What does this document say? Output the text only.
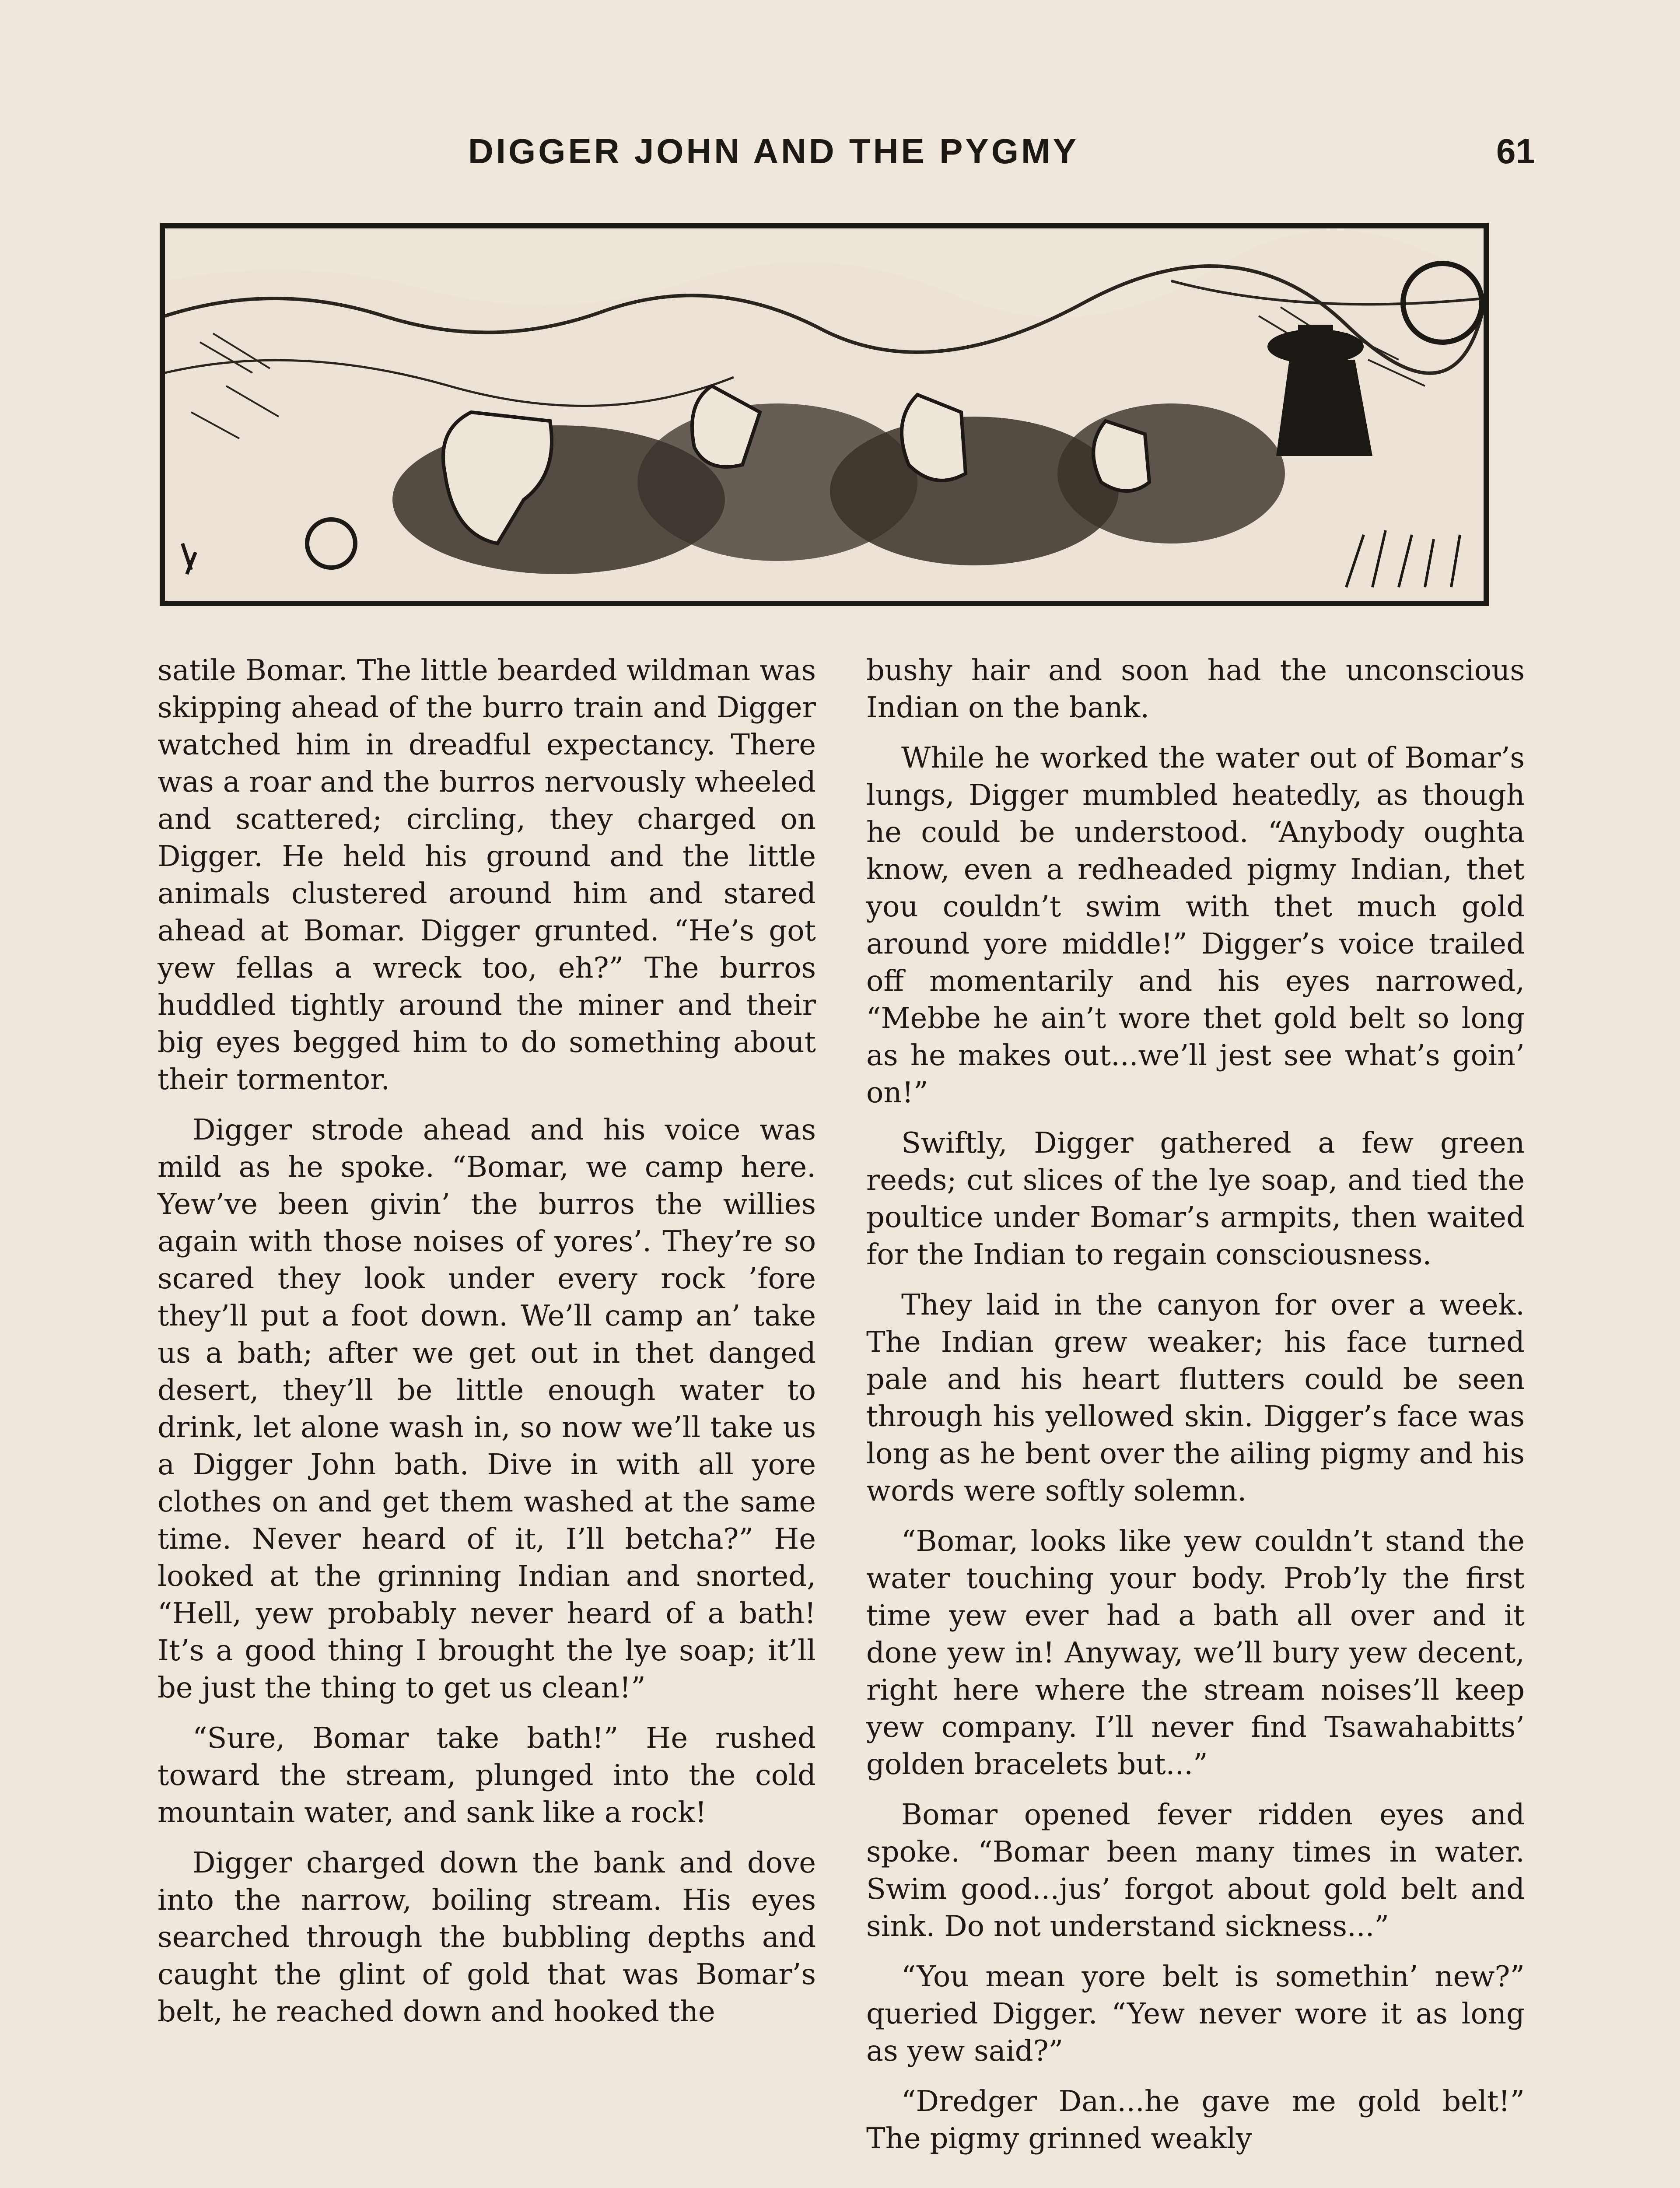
DIGGER JOHN AND THE PYGMY	61

satile Bomar. The little bearded wildman was skipping ahead of the burro train and Digger watched him in dreadful expectancy. There was a roar and the burros nervously wheeled and scattered; circling, they charged on Digger. He held his ground and the little animals clustered around him and stared ahead at Bomar. Digger grunted. “He’s got yew fellas a wreck too, eh?” The burros huddled tightly around the miner and their big eyes begged him to do something about their tormentor.

Digger strode ahead and his voice was mild as he spoke. “Bomar, we camp here. Yew’ve been givin’ the burros the willies again with those noises of yores’. They’re so scared they look under every rock ’fore they’ll put a foot down. We’ll camp an’ take us a bath; after we get out in thet danged desert, they’ll be little enough water to drink, let alone wash in, so now we’ll take us a Digger John bath. Dive in with all yore clothes on and get them washed at the same time. Never heard of it, I’ll betcha?” He looked at the grinning Indian and snorted, “Hell, yew probably never heard of a bath! It’s a good thing I brought the lye soap; it’ll be just the thing to get us clean!”

“Sure, Bomar take bath!” He rushed toward the stream, plunged into the cold mountain water, and sank like a rock!

Digger charged down the bank and dove into the narrow, boiling stream. His eyes searched through the bubbling depths and caught the glint of gold that was Bomar’s belt, he reached down and hooked the

bushy hair and soon had the unconscious Indian on the bank.

While he worked the water out of Bomar’s lungs, Digger mumbled heatedly, as though he could be understood. “Anybody oughta know, even a redheaded pigmy Indian, thet you couldn’t swim with thet much gold around yore middle!” Digger’s voice trailed off momentarily and his eyes narrowed, “Mebbe he ain’t wore thet gold belt so long as he makes out...we’ll jest see what’s goin’ on!”

Swiftly, Digger gathered a few green reeds; cut slices of the lye soap, and tied the poultice under Bomar’s armpits, then waited for the Indian to regain consciousness.

They laid in the canyon for over a week. The Indian grew weaker; his face turned pale and his heart flutters could be seen through his yellowed skin. Digger’s face was long as he bent over the ailing pigmy and his words were softly solemn.

“Bomar, looks like yew couldn’t stand the water touching your body. Prob’ly the first time yew ever had a bath all over and it done yew in! Anyway, we’ll bury yew decent, right here where the stream noises’ll keep yew company. I’ll never find Tsawahabitts’ golden bracelets but...”

Bomar opened fever ridden eyes and spoke. “Bomar been many times in water. Swim good...jus’ forgot about gold belt and sink. Do not understand sickness...”

“You mean yore belt is somethin’ new?” queried Digger. “Yew never wore it as long as yew said?”

“Dredger Dan...he gave me gold belt!” The pigmy grinned weakly
